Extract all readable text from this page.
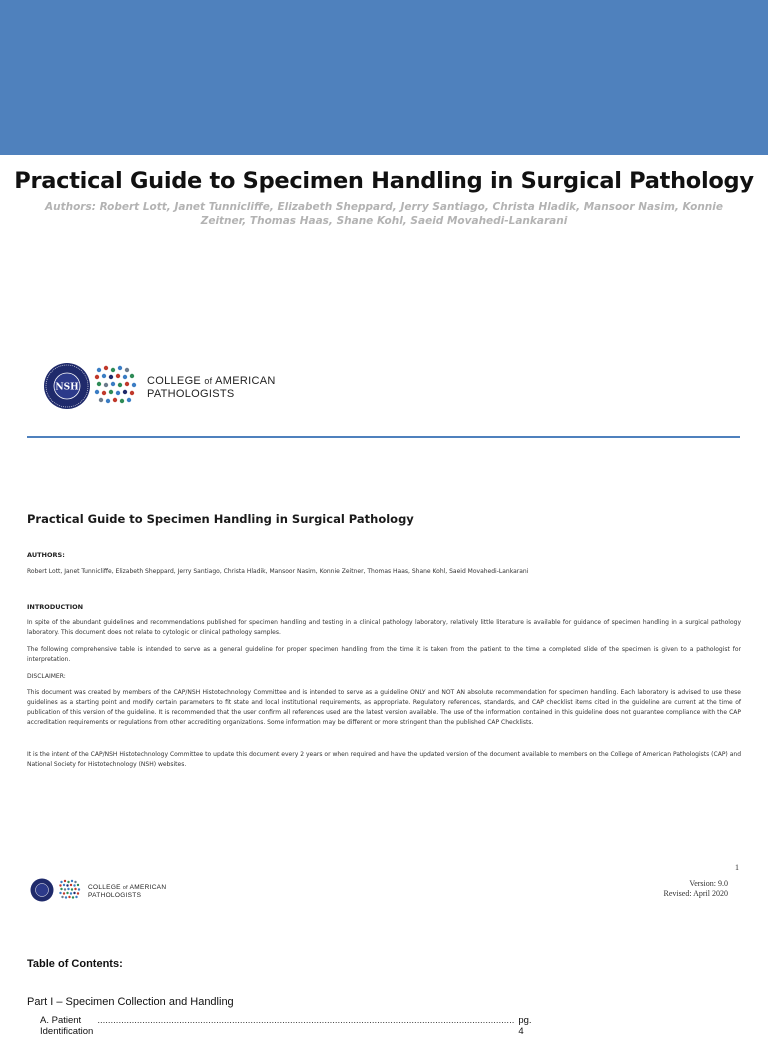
Practical Guide to Specimen Handling in Surgical Pathology

Authors: Robert Lott, Janet Tunnicliffe, Elizabeth Sheppard, Jerry Santiago, Christa Hladik, Mansoor Nasim, Konnie Zeitner, Thomas Haas, Shane Kohl, Saeid Movahedi-Lankarani

NSH
COLLEGE of AMERICAN
PATHOLOGISTS
Practical Guide to Specimen Handling in Surgical Pathology
AUTHORS:

Robert Lott, Janet Tunnicliffe, Elizabeth Sheppard, Jerry Santiago, Christa Hladik, Mansoor Nasim, Konnie Zeitner, Thomas Haas, Shane Kohl, Saeid Movahedi-Lankarani

INTRODUCTION

In spite of the abundant guidelines and recommendations published for specimen handling and testing in a clinical pathology laboratory, relatively little literature is available for guidance of specimen handling in a surgical pathology laboratory. This document does not relate to cytologic or clinical pathology samples.

The following comprehensive table is intended to serve as a general guideline for proper specimen handling from the time it is taken from the patient to the time a completed slide of the specimen is given to a pathologist for interpretation.

DISCLAIMER:

This document was created by members of the CAP/NSH Histotechnology Committee and is intended to serve as a guideline ONLY and NOT AN absolute recommendation for specimen handling. Each laboratory is advised to use these guidelines as a starting point and modify certain parameters to fit state and local institutional requirements, as appropriate. Regulatory references, standards, and CAP checklist items cited in the guideline are current at the time of publication of this version of the guideline. It is recommended that the user confirm all references used are the latest version available. The use of the information contained in this guideline does not guarantee compliance with the CAP accreditation requirements or regulations from other accrediting organizations. Some information may be different or more stringent than the published CAP Checklists.

It is the intent of the CAP/NSH Histotechnology Committee to update this document every 2 years or when required and have the updated version of the document available to members on the College of American Pathologists (CAP) and National Society for Histotechnology (NSH) websites.

1
COLLEGE of AMERICAN
PATHOLOGISTS
Version: 9.0
Revised: April 2020
Table of Contents:
Part I – Specimen Collection and Handling
A. Patient Identification
.............................................................................................................................................................. pg. 4
